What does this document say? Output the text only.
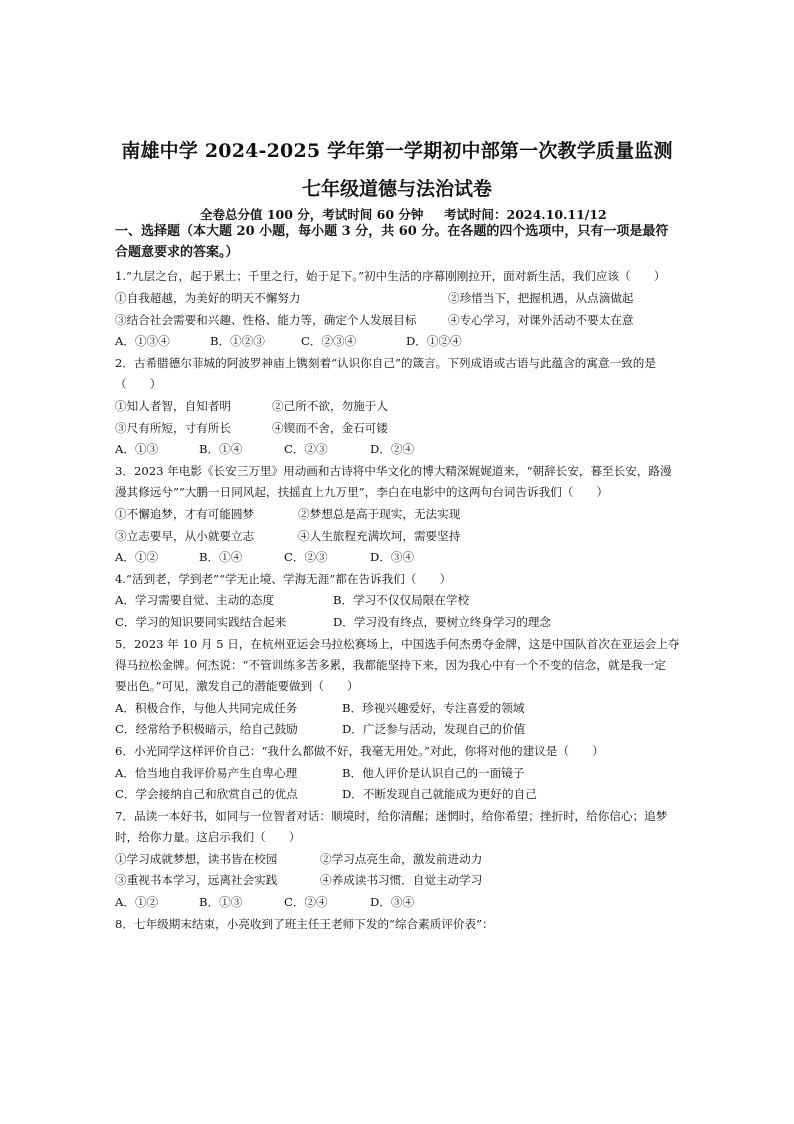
南雄中学 2024-2025 学年第一学期初中部第一次教学质量监测
七年级道德与法治试卷
全卷总分值 100 分，考试时间 60 分钟 考试时间：2024.10.11/12
一、选择题（本大题 20 小题，每小题 3 分，共 60 分。在各题的四个选项中，只有一项是最符
合题意要求的答案。）
1.“九层之台，起于累土；千里之行，始于足下。”初中生活的序幕刚刚拉开，面对新生活，我们应该（　　）
①自我超越，为美好的明天不懈努力	②珍惜当下，把握机遇，从点滴做起
③结合社会需要和兴趣、性格、能力等，确定个人发展目标	④专心学习，对课外活动不要太在意
A．①③④	B．①②③	C．②③④	D．①②④
2．古希腊德尔菲城的阿波罗神庙上镌刻着“认识你自己”的箴言。下列成语或古语与此蕴含的寓意一致的是
（　　）
①知人者智，自知者明	②己所不欲，勿施于人
③尺有所短，寸有所长	④锲而不舍，金石可镂
A．①③	B．①④	C．②③	D．②④
3．2023 年电影《长安三万里》用动画和古诗将中华文化的博大精深娓娓道来，“朝辞长安，暮至长安，路漫
漫其修远兮”“大鹏一日同风起，扶摇直上九万里”，李白在电影中的这两句台词告诉我们（　　）
①不懈追梦，才有可能圆梦	②梦想总是高于现实，无法实现
③立志要早，从小就要立志	④人生旅程充满坎坷，需要坚持
A．①②	B．①④	C．②③	D．③④
4.“活到老，学到老”“学无止境、学海无涯”都在告诉我们（　　）
A．学习需要自觉、主动的态度	B．学习不仅仅局限在学校
C．学习的知识要同实践结合起来	D．学习没有终点，要树立终身学习的理念
5．2023 年 10 月 5 日，在杭州亚运会马拉松赛场上，中国选手何杰勇夺金牌，这是中国队首次在亚运会上夺
得马拉松金牌。何杰说：“不管训练多苦多累，我都能坚持下来，因为我心中有一个不变的信念，就是我一定
要出色。”可见，激发自己的潜能要做到（　　）
A．积极合作，与他人共同完成任务	B．珍视兴趣爱好，专注喜爱的领域
C．经常给予积极暗示，给自己鼓励	D．广泛参与活动，发现自己的价值
6．小光同学这样评价自己：“我什么都做不好，我毫无用处。”对此，你将对他的建议是（　　）
A．恰当地自我评价易产生自卑心理	B．他人评价是认识自己的一面镜子
C．学会接纳自己和欣赏自己的优点	D．不断发现自己就能成为更好的自己
7．品读一本好书，如同与一位智者对话：顺境时，给你清醒；迷惘时，给你希望；挫折时，给你信心；追梦
时，给你力量。这启示我们（　　）
①学习成就梦想，读书皆在校园	②学习点亮生命，激发前进动力
③重视书本学习，远离社会实践	④养成读书习惯．自觉主动学习
A．①②	B．①③	C．②④	D．③④
8．七年级期末结束，小亮收到了班主任王老师下发的“综合素质评价表”：
